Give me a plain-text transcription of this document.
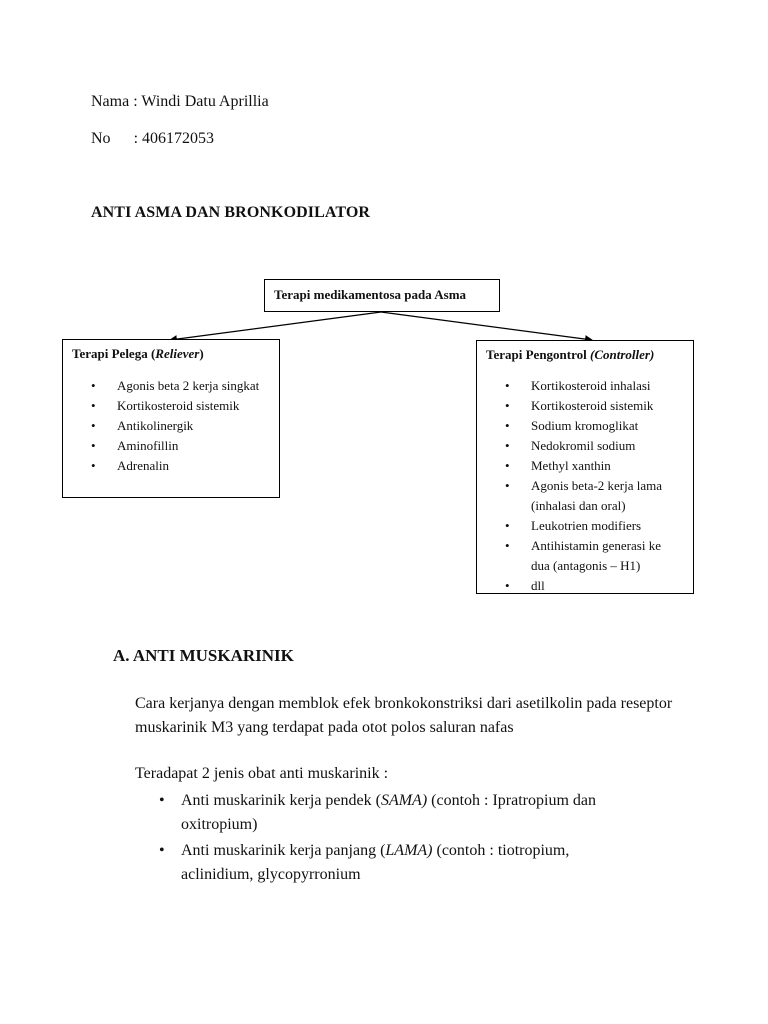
Nama : Windi Datu Aprillia
No : 406172053
ANTI ASMA DAN BRONKODILATOR
Terapi medikamentosa pada Asma
Terapi Pelega (Reliever)
• Agonis beta 2 kerja singkat
• Kortikosteroid sistemik
• Antikolinergik
• Aminofillin
• Adrenalin
Terapi Pengontrol (Controller)
• Kortikosteroid inhalasi
• Kortikosteroid sistemik
• Sodium kromoglikat
• Nedokromil sodium
• Methyl xanthin
• Agonis beta-2 kerja lama (inhalasi dan oral)
• Leukotrien modifiers
• Antihistamin generasi ke dua (antagonis – H1)
• dll
A. ANTI MUSKARINIK
Cara kerjanya dengan memblok efek bronkokonstriksi dari asetilkolin pada reseptor muskarinik M3 yang terdapat pada otot polos saluran nafas
Teradapat 2 jenis obat anti muskarinik :
• Anti muskarinik kerja pendek (SAMA) (contoh : Ipratropium dan oxitropium)
• Anti muskarinik kerja panjang (LAMA) (contoh : tiotropium, aclinidium, glycopyrronium
